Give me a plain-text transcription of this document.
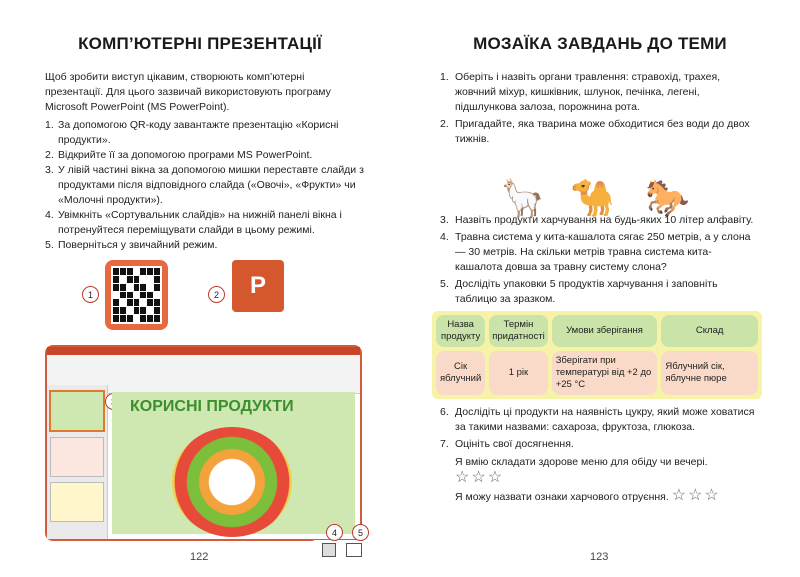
КОМП’ЮТЕРНІ ПРЕЗЕНТАЦІЇ
Щоб зробити виступ цікавим, створюють комп’ютерні презентації. Для цього зазвичай використовують програму Microsoft PowerPoint (MS PowerPoint).
1. За допомогою QR-коду завантажте презентацію «Корисні продукти».
2. Відкрийте її за допомогою програми MS PowerPoint.
3. У лівій частині вікна за допомогою мишки переставте слайди з продуктами після відповідного слайда («Овочі», «Фрукти» чи «Молочні продукти»).
4. Увімкніть «Сортувальник слайдів» на нижній панелі вікна і потренуйтеся переміщувати слайди в цьому режимі.
5. Поверніться у звичайний режим.
1	2	P
КОРИСНІ ПРОДУКТИ
4	5
122
МОЗАЇКА ЗАВДАНЬ ДО ТЕМИ
1. Оберіть і назвіть органи травлення: стравохід, трахея, жовчний міхур, кишківник, шлунок, печінка, легені, підшлункова залоза, порожнина рота.
2. Пригадайте, яка тварина може обходитися без води до двох тижнів.
🦙 🐪 🐎
3. Назвіть продукти харчування на будь-яких 10 літер алфавіту.
4. Травна система у кита-кашалота сягає 250 метрів, а у слона — 30 метрів. На скільки метрів травна система кита-кашалота довша за травну систему слона?
5. Дослідіть упаковки 5 продуктів харчування і заповніть таблицю за зразком.
Назва продукту	Термін придатності	Умови зберігання	Склад
Сік яблучний	1 рік	Зберігати при температурі від +2 до +25 °С	Яблучний сік, яблучне пюре
6. Дослідіть ці продукти на наявність цукру, який може ховатися за такими назвами: сахароза, фруктоза, глюкоза.
7. Оцініть свої досягнення.
Я вмію складати здорове меню для обіду чи вечері.
☆☆☆
Я можу назвати ознаки харчового отруєння. ☆☆☆
123
